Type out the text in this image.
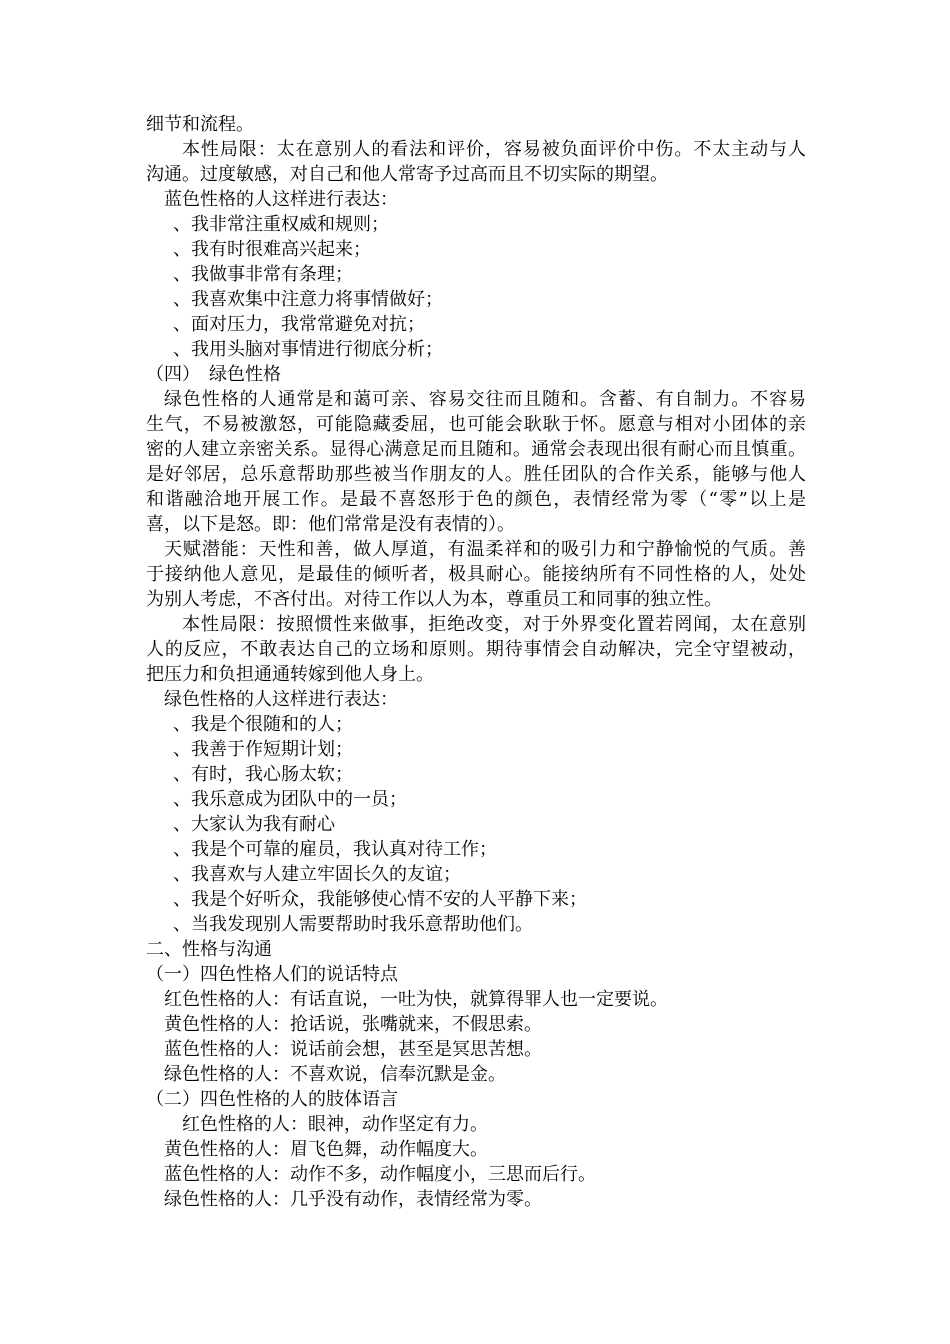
细节和流程。
本性局限：太在意别人的看法和评价，容易被负面评价中伤。不太主动与人
沟通。过度敏感，对自己和他人常寄予过高而且不切实际的期望。
蓝色性格的人这样进行表达：
、我非常注重权威和规则；
、我有时很难高兴起来；
、我做事非常有条理；
、我喜欢集中注意力将事情做好；
、面对压力，我常常避免对抗；
、我用头脑对事情进行彻底分析；
（四）　绿色性格
绿色性格的人通常是和蔼可亲、容易交往而且随和。含蓄、有自制力。不容易
生气，不易被激怒，可能隐藏委屈，也可能会耿耿于怀。愿意与相对小团体的亲
密的人建立亲密关系。显得心满意足而且随和。通常会表现出很有耐心而且慎重。
是好邻居，总乐意帮助那些被当作朋友的人。胜任团队的合作关系，能够与他人
和谐融洽地开展工作。是最不喜怒形于色的颜色，表情经常为零（“零”以上是
喜，以下是怒。即：他们常常是没有表情的）。
天赋潜能：天性和善，做人厚道，有温柔祥和的吸引力和宁静愉悦的气质。善
于接纳他人意见，是最佳的倾听者，极具耐心。能接纳所有不同性格的人，处处
为别人考虑，不吝付出。对待工作以人为本，尊重员工和同事的独立性。
本性局限：按照惯性来做事，拒绝改变，对于外界变化置若罔闻，太在意别
人的反应，不敢表达自己的立场和原则。期待事情会自动解决，完全守望被动，
把压力和负担通通转嫁到他人身上。
绿色性格的人这样进行表达：
、我是个很随和的人；
、我善于作短期计划；
、有时，我心肠太软；
、我乐意成为团队中的一员；
、大家认为我有耐心
、我是个可靠的雇员，我认真对待工作；
、我喜欢与人建立牢固长久的友谊；
、我是个好听众，我能够使心情不安的人平静下来；
、当我发现别人需要帮助时我乐意帮助他们。
二、性格与沟通
（一）四色性格人们的说话特点
红色性格的人：有话直说，一吐为快，就算得罪人也一定要说。
黄色性格的人：抢话说，张嘴就来，不假思索。
蓝色性格的人：说话前会想，甚至是冥思苦想。
绿色性格的人：不喜欢说，信奉沉默是金。
（二）四色性格的人的肢体语言
红色性格的人：眼神，动作坚定有力。
黄色性格的人：眉飞色舞，动作幅度大。
蓝色性格的人：动作不多，动作幅度小，三思而后行。
绿色性格的人：几乎没有动作，表情经常为零。
